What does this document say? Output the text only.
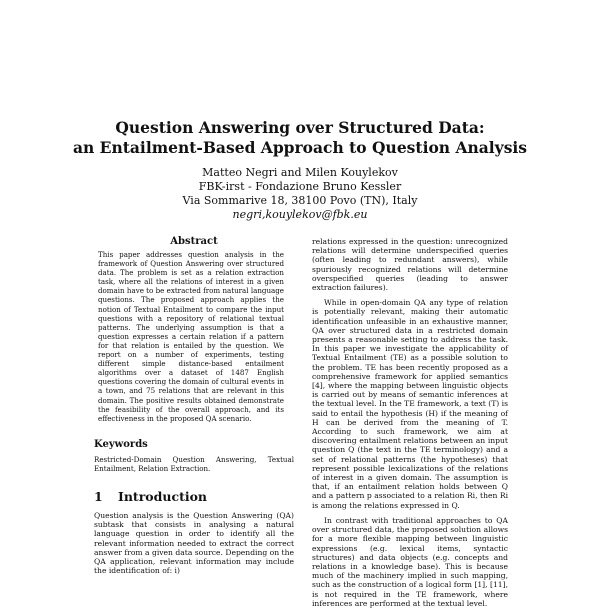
Question Answering over Structured Data:
an Entailment-Based Approach to Question Analysis
Matteo Negri and Milen Kouylekov
FBK-irst - Fondazione Bruno Kessler
Via Sommarive 18, 38100 Povo (TN), Italy
negri,kouylekov@fbk.eu
Abstract

This paper addresses question analysis in the framework of Question Answering over structured data. The problem is set as a relation extraction task, where all the relations of interest in a given domain have to be extracted from natural language questions. The proposed approach applies the notion of Textual Entailment to compare the input questions with a repository of relational textual patterns. The underlying assumption is that a question expresses a certain relation if a pattern for that relation is entailed by the question. We report on a number of experiments, testing different simple distance-based entailment algorithms over a dataset of 1487 English questions covering the domain of cultural events in a town, and 75 relations that are relevant in this domain. The positive results obtained demonstrate the feasibility of the overall approach, and its effectiveness in the proposed QA scenario.

Keywords

Restricted-Domain Question Answering, Textual Entailment, Relation Extraction.

1 Introduction

Question analysis is the Question Answering (QA) subtask that consists in analysing a natural language question in order to identify all the relevant information needed to extract the correct answer from a given data source. Depending on the QA application, relevant information may include the identification of: i)

relations expressed in the question: unrecognized relations will determine underspecified queries (often leading to redundant answers), while spuriously recognized relations will determine overspecified queries (leading to answer extraction failures).

While in open-domain QA any type of relation is potentially relevant, making their automatic identification unfeasible in an exhaustive manner, QA over structured data in a restricted domain presents a reasonable setting to address the task. In this paper we investigate the applicability of Textual Entailment (TE) as a possible solution to the problem. TE has been recently proposed as a comprehensive framework for applied semantics [4], where the mapping between linguistic objects is carried out by means of semantic inferences at the textual level. In the TE framework, a text (T) is said to entail the hypothesis (H) if the meaning of H can be derived from the meaning of T. According to such framework, we aim at discovering entailment relations between an input question Q (the text in the TE terminology) and a set of relational patterns (the hypotheses) that represent possible lexicalizations of the relations of interest in a given domain. The assumption is that, if an entailment relation holds between Q and a pattern p associated to a relation Ri, then Ri is among the relations expressed in Q.

In contrast with traditional approaches to QA over structured data, the proposed solution allows for a more flexible mapping between linguistic expressions (e.g. lexical items, syntactic structures) and data objects (e.g. concepts and relations in a knowledge base). This is because much of the machinery implied in such mapping, such as the construction of a logical form [1], [11], is not required in the TE framework, where inferences are performed at the textual level.
